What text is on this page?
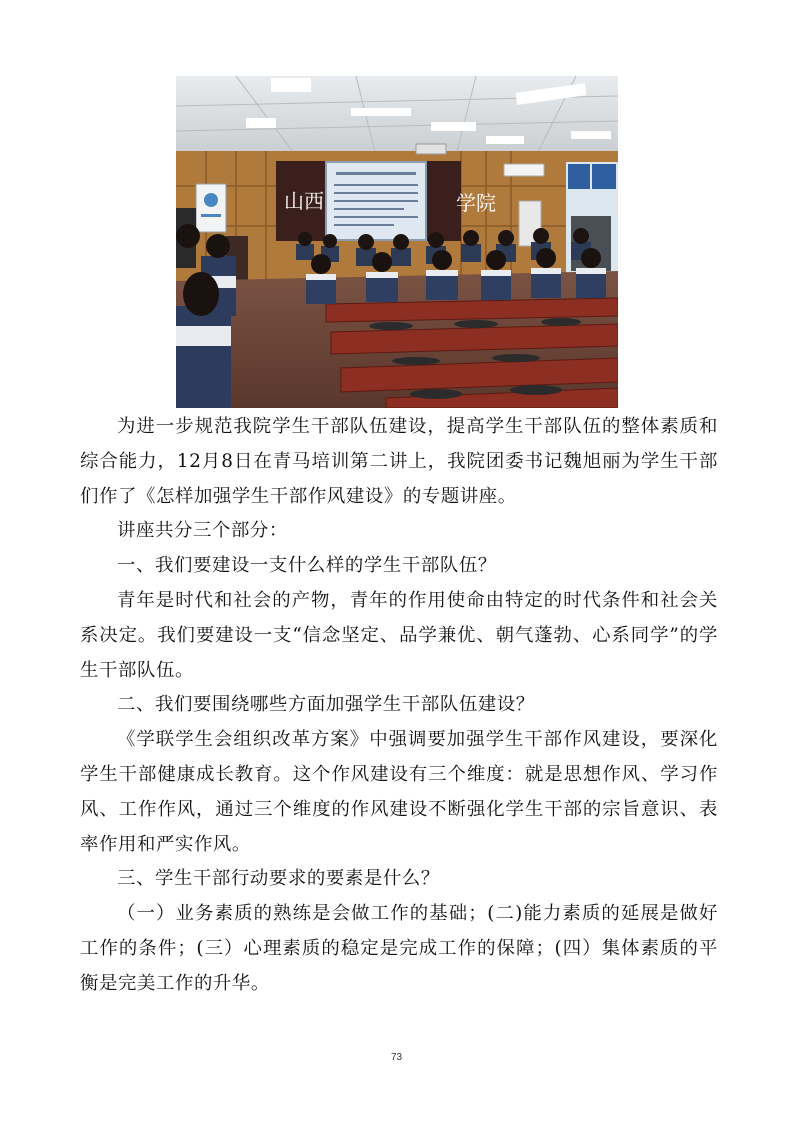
山西	学院

为进一步规范我院学生干部队伍建设，提高学生干部队伍的整体素质和综合能力，12月8日在青马培训第二讲上，我院团委书记魏旭丽为学生干部们作了《怎样加强学生干部作风建设》的专题讲座。

讲座共分三个部分：

一、我们要建设一支什么样的学生干部队伍？

青年是时代和社会的产物，青年的作用使命由特定的时代条件和社会关系决定。我们要建设一支“信念坚定、品学兼优、朝气蓬勃、心系同学”的学生干部队伍。

二、我们要围绕哪些方面加强学生干部队伍建设？

《学联学生会组织改革方案》中强调要加强学生干部作风建设，要深化学生干部健康成长教育。这个作风建设有三个维度：就是思想作风、学习作风、工作作风，通过三个维度的作风建设不断强化学生干部的宗旨意识、表率作用和严实作风。

三、学生干部行动要求的要素是什么？

（一）业务素质的熟练是会做工作的基础；(二)能力素质的延展是做好工作的条件；(三）心理素质的稳定是完成工作的保障；(四）集体素质的平衡是完美工作的升华。

73
